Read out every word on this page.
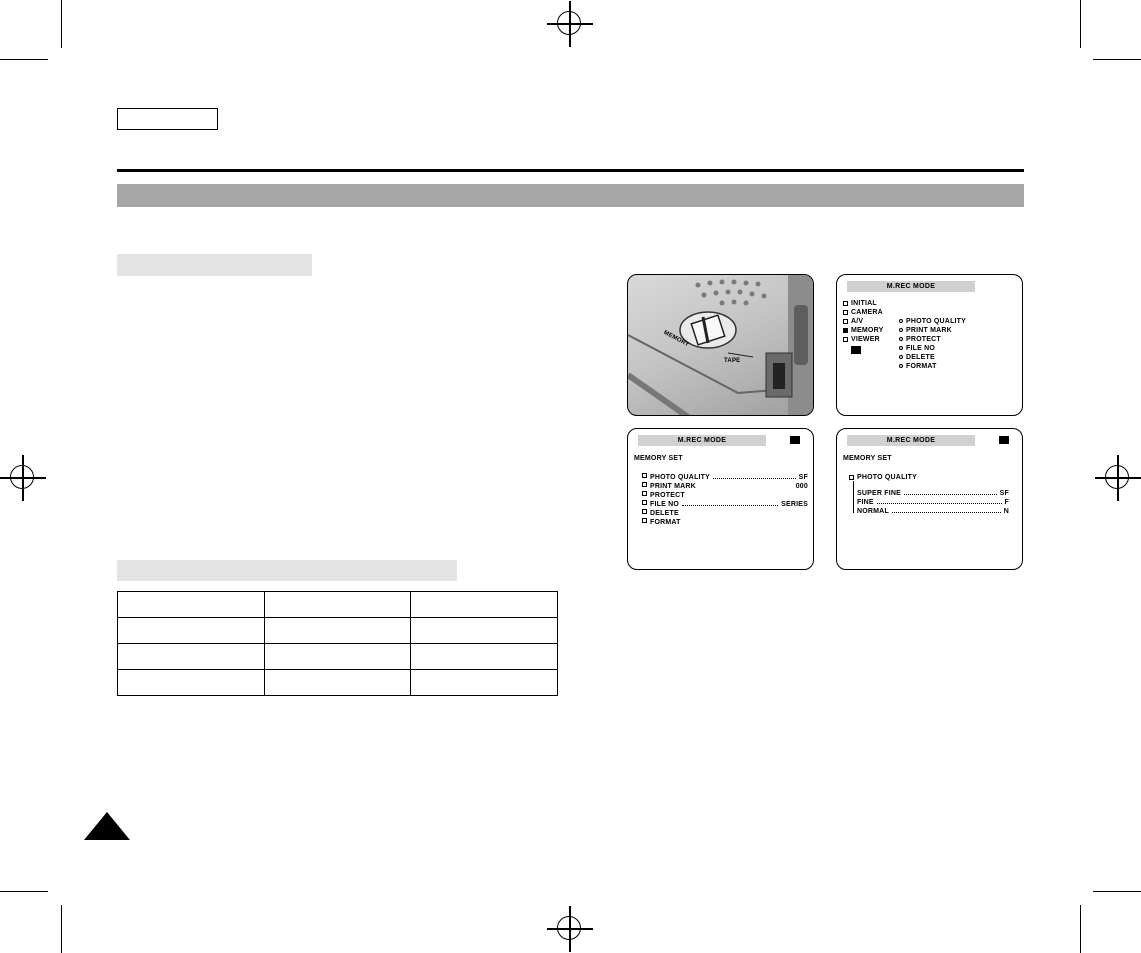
MEMORY
TAPE
M.REC MODE
INITIAL
CAMERA
A/V
MEMORY
VIEWER
PHOTO QUALITY
PRINT MARK
PROTECT
FILE NO
DELETE
FORMAT
M.REC MODE
MEMORY SET
PHOTO QUALITY	SF
PRINT MARK	000
PROTECT
FILE NO	SERIES
DELETE
FORMAT
M.REC MODE
MEMORY SET
PHOTO QUALITY
SUPER FINE	SF
FINE	F
NORMAL	N
